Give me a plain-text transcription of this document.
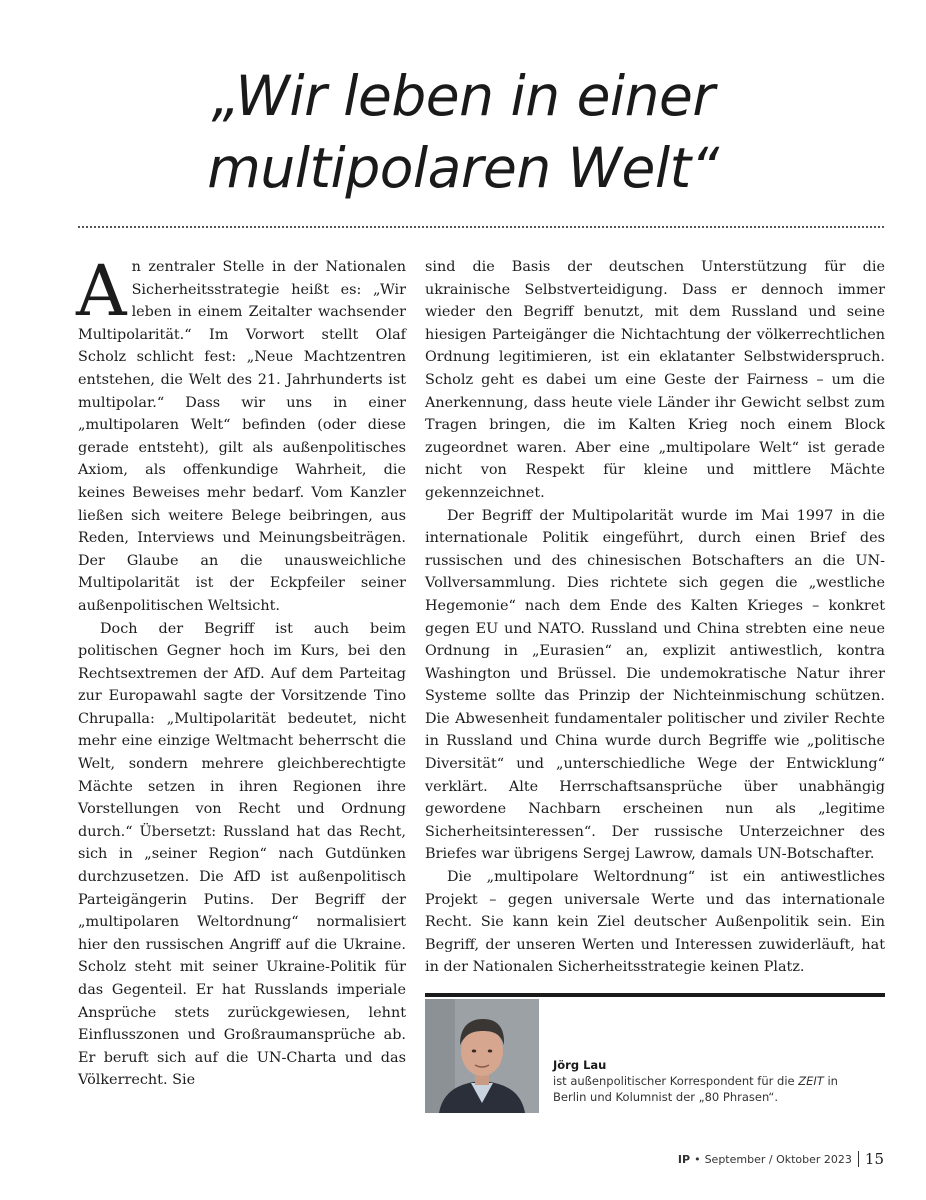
„Wir leben in einer
multipolaren Welt“

An zentraler Stelle in der Nationalen Sicherheitsstrategie heißt es: „Wir leben in einem Zeitalter wachsender Multipolarität.“ Im Vorwort stellt Olaf Scholz schlicht fest: „Neue Machtzentren entstehen, die Welt des 21. Jahrhunderts ist multipolar.“ Dass wir uns in einer „multipolaren Welt“ befinden (oder diese gerade entsteht), gilt als außenpolitisches Axiom, als offenkundige Wahrheit, die keines Beweises mehr bedarf. Vom Kanzler ließen sich weitere Belege beibringen, aus Reden, Interviews und Meinungsbeiträgen. Der Glaube an die unausweichliche Multipolarität ist der Eckpfeiler seiner außenpolitischen Weltsicht.

Doch der Begriff ist auch beim politischen Gegner hoch im Kurs, bei den Rechtsextremen der AfD. Auf dem Parteitag zur Europawahl sagte der Vorsitzende Tino Chrupalla: „Multipolarität bedeutet, nicht mehr eine einzige Weltmacht beherrscht die Welt, sondern mehrere gleichberechtigte Mächte setzen in ihren Regionen ihre Vorstellungen von Recht und Ordnung durch.“ Übersetzt: Russland hat das Recht, sich in „seiner Region“ nach Gutdünken durchzusetzen. Die AfD ist außenpolitisch Parteigängerin Putins. Der Begriff der „multipolaren Weltordnung“ normalisiert hier den russischen Angriff auf die Ukraine. Scholz steht mit seiner Ukraine-Politik für das Gegenteil. Er hat Russlands imperiale Ansprüche stets zurückgewiesen, lehnt Einflusszonen und Großraumansprüche ab. Er beruft sich auf die UN-Charta und das Völkerrecht. Sie

sind die Basis der deutschen Unterstützung für die ukrainische Selbstverteidigung. Dass er dennoch immer wieder den Begriff benutzt, mit dem Russland und seine hiesigen Parteigänger die Nichtachtung der völkerrechtlichen Ordnung legitimieren, ist ein eklatanter Selbstwiderspruch. Scholz geht es dabei um eine Geste der Fairness – um die Anerkennung, dass heute viele Länder ihr Gewicht selbst zum Tragen bringen, die im Kalten Krieg noch einem Block zugeordnet waren. Aber eine „multipolare Welt“ ist gerade nicht von Respekt für kleine und mittlere Mächte gekennzeichnet.

Der Begriff der Multipolarität wurde im Mai 1997 in die internationale Politik eingeführt, durch einen Brief des russischen und des chinesischen Botschafters an die UN-Vollversammlung. Dies richtete sich gegen die „westliche Hegemonie“ nach dem Ende des Kalten Krieges – konkret gegen EU und NATO. Russland und China strebten eine neue Ordnung in „Eurasien“ an, explizit antiwestlich, kontra Washington und Brüssel. Die undemokratische Natur ihrer Systeme sollte das Prinzip der Nichteinmischung schützen. Die Abwesenheit fundamentaler politischer und ziviler Rechte in Russland und China wurde durch Begriffe wie „politische Diversität“ und „unterschiedliche Wege der Entwicklung“ verklärt. Alte Herrschaftsansprüche über unabhängig gewordene Nachbarn erscheinen nun als „legitime Sicherheitsinteressen“. Der russische Unterzeichner des Briefes war übrigens Sergej Lawrow, damals UN-Botschafter.

Die „multipolare Weltordnung“ ist ein antiwestliches Projekt – gegen universale Werte und das internationale Recht. Sie kann kein Ziel deutscher Außenpolitik sein. Ein Begriff, der unseren Werten und Interessen zuwiderläuft, hat in der Nationalen Sicherheitsstrategie keinen Platz.

Jörg Lau
ist außenpolitischer Korrespondent für die ZEIT in Berlin und Kolumnist der „80 Phrasen“.
IP • September / Oktober 2023 15
